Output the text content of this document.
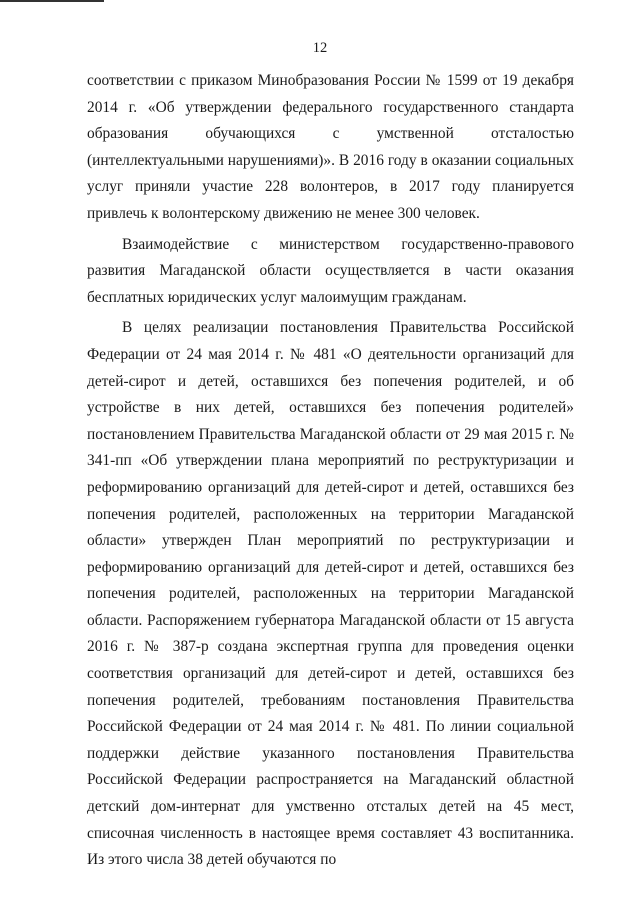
12

соответствии с приказом Минобразования России № 1599 от 19 декабря 2014 г. «Об утверждении федерального государственного стандарта образования обучающихся с умственной отсталостью (интеллектуальными нарушениями)». В 2016 году в оказании социальных услуг приняли участие 228 волонтеров, в 2017 году планируется привлечь к волонтерскому движению не менее 300 человек.

Взаимодействие с министерством государственно-правового развития Магаданской области осуществляется в части оказания бесплатных юридических услуг малоимущим гражданам.

В целях реализации постановления Правительства Российской Федерации от 24 мая 2014 г. № 481 «О деятельности организаций для детей-сирот и детей, оставшихся без попечения родителей, и об устройстве в них детей, оставшихся без попечения родителей» постановлением Правительства Магаданской области от 29 мая 2015 г. № 341-пп «Об утверждении плана мероприятий по реструктуризации и реформированию организаций для детей-сирот и детей, оставшихся без попечения родителей, расположенных на территории Магаданской области» утвержден План мероприятий по реструктуризации и реформированию организаций для детей-сирот и детей, оставшихся без попечения родителей, расположенных на территории Магаданской области. Распоряжением губернатора Магаданской области от 15 августа 2016 г. № 387-р создана экспертная группа для проведения оценки соответствия организаций для детей-сирот и детей, оставшихся без попечения родителей, требованиям постановления Правительства Российской Федерации от 24 мая 2014 г. № 481. По линии социальной поддержки действие указанного постановления Правительства Российской Федерации распространяется на Магаданский областной детский дом-интернат для умственно отсталых детей на 45 мест, списочная численность в настоящее время составляет 43 воспитанника. Из этого числа 38 детей обучаются по
